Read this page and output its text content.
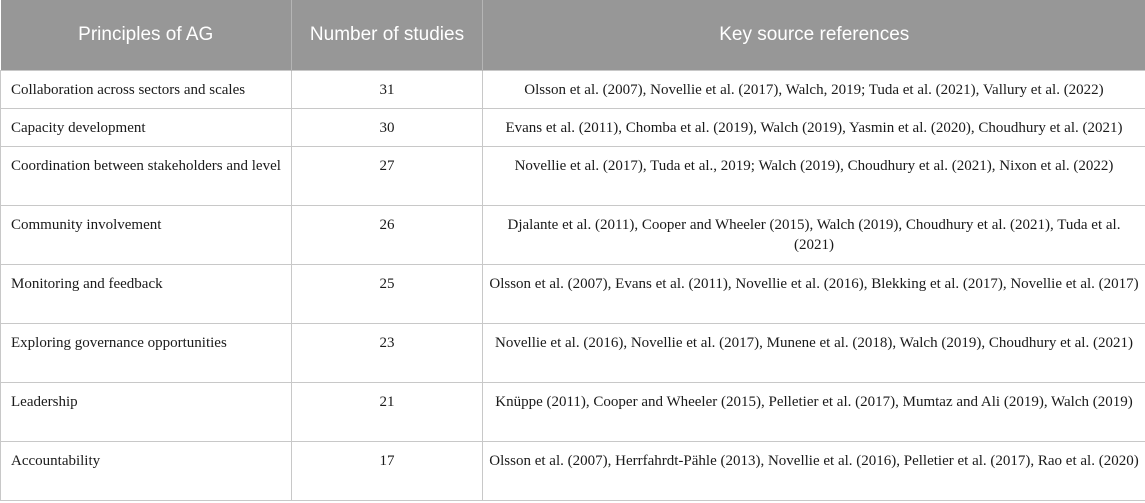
Principles of AG	Number of studies	Key source references
Collaboration across sectors and scales	31	Olsson et al. (2007), Novellie et al. (2017), Walch, 2019; Tuda et al. (2021), Vallury et al. (2022)
Capacity development	30	Evans et al. (2011), Chomba et al. (2019), Walch (2019), Yasmin et al. (2020), Choudhury et al. (2021)
Coordination between stakeholders and level	27	Novellie et al. (2017), Tuda et al., 2019; Walch (2019), Choudhury et al. (2021), Nixon et al. (2022)
Community involvement	26	Djalante et al. (2011), Cooper and Wheeler (2015), Walch (2019), Choudhury et al. (2021), Tuda et al. (2021)
Monitoring and feedback	25	Olsson et al. (2007), Evans et al. (2011), Novellie et al. (2016), Blekking et al. (2017), Novellie et al. (2017)
Exploring governance opportunities	23	Novellie et al. (2016), Novellie et al. (2017), Munene et al. (2018), Walch (2019), Choudhury et al. (2021)
Leadership	21	Knüppe (2011), Cooper and Wheeler (2015), Pelletier et al. (2017), Mumtaz and Ali (2019), Walch (2019)
Accountability	17	Olsson et al. (2007), Herrfahrdt-Pähle (2013), Novellie et al. (2016), Pelletier et al. (2017), Rao et al. (2020)
